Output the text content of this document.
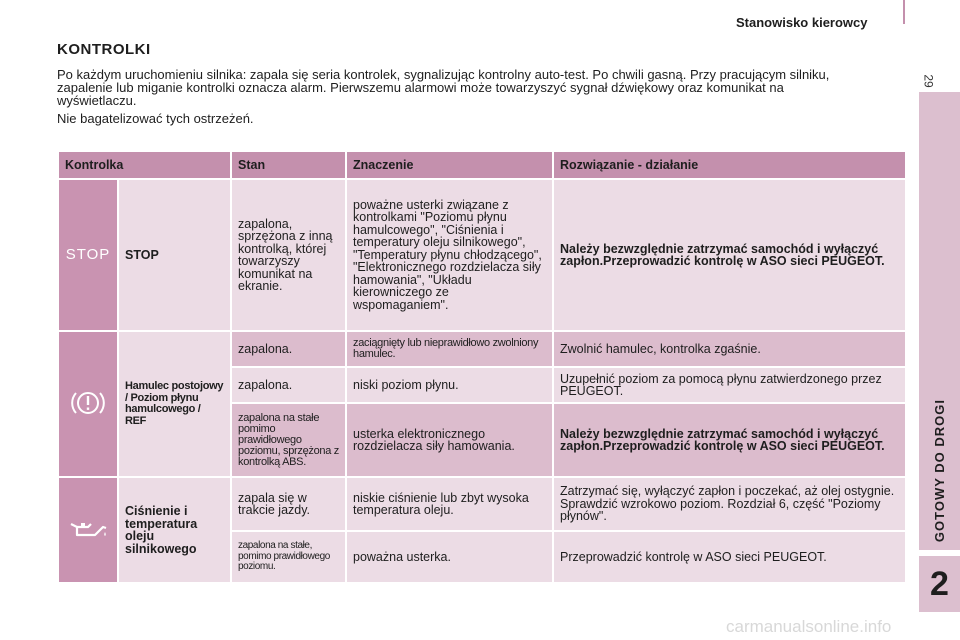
Stanowisko kierowcy
29
GOTOWY DO DROGI
2
KONTROLKI
Po każdym uruchomieniu silnika: zapala się seria kontrolek, sygnalizując kontrolny auto-test. Po chwili gasną. Przy pracującym silniku, zapalenie lub miganie kontrolki oznacza alarm. Pierwszemu alarmowi może towarzyszyć sygnał dźwiękowy oraz komunikat na wyświetlaczu.
Nie bagatelizować tych ostrzeżeń.
Kontrolka		Stan	Znaczenie	Rozwiązanie - działanie
STOP	STOP	zapalona, sprzężona z inną kontrolką, której towarzyszy komunikat na ekranie.	poważne usterki związane z kontrolkami "Poziomu płynu hamulcowego", "Ciśnienia i temperatury oleju silnikowego", "Temperatury płynu chłodzącego", "Elektronicznego rozdzielacza siły hamowania", "Układu kierowniczego ze wspomaganiem".	Należy bezwzględnie zatrzymać samochód i wyłączyć zapłon.Przeprowadzić kontrolę w ASO sieci PEUGEOT.
	Hamulec postojowy / Poziom płynu hamulcowego / REF	zapalona.	zaciągnięty lub nieprawidłowo zwolniony hamulec.	Zwolnić hamulec, kontrolka zgaśnie.
		zapalona.	niski poziom płynu.	Uzupełnić poziom za pomocą płynu zatwierdzonego przez PEUGEOT.
		zapalona na stałe pomimo prawidłowego poziomu, sprzężona z kontrolką ABS.	usterka elektronicznego rozdzielacza siły hamowania.	Należy bezwzględnie zatrzymać samochód i wyłączyć zapłon.Przeprowadzić kontrolę w ASO sieci PEUGEOT.
	Ciśnienie i temperatura oleju silnikowego	zapala się w trakcie jazdy.	niskie ciśnienie lub zbyt wysoka temperatura oleju.	Zatrzymać się, wyłączyć zapłon i poczekać, aż olej ostygnie. Sprawdzić wzrokowo poziom. Rozdział 6, część "Poziomy płynów".
		zapalona na stałe, pomimo prawidłowego poziomu.	poważna usterka.	Przeprowadzić kontrolę w ASO sieci PEUGEOT.
carmanualsonline.info
